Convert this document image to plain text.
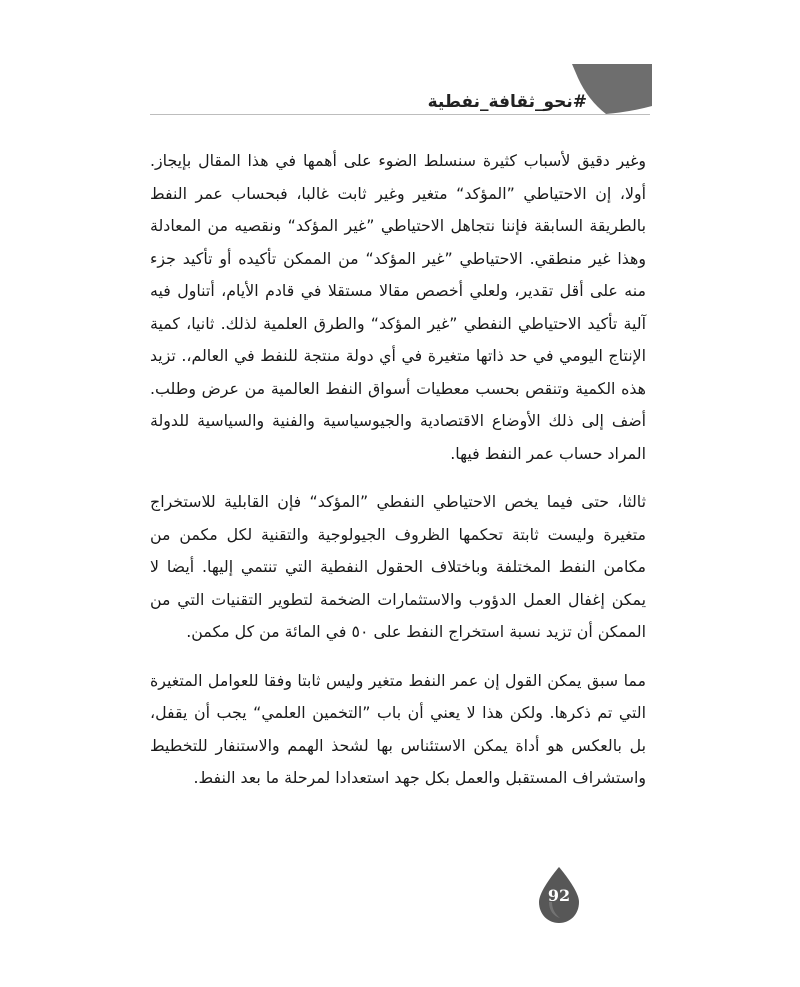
#نحو_ثقافة_نفطية

وغير دقيق لأسباب كثيرة سنسلط الضوء على أهمها في هذا المقال بإيجاز. أولا، إن الاحتياطي ”المؤكد“ متغير وغير ثابت غالبا، فبحساب عمر النفط بالطريقة السابقة فإننا نتجاهل الاحتياطي ”غير المؤكد“ ونقصيه من المعادلة وهذا غير منطقي. الاحتياطي ”غير المؤكد“ من الممكن تأكيده أو تأكيد جزء منه على أقل تقدير، ولعلي أخصص مقالا مستقلا في قادم الأيام، أتناول فيه آلية تأكيد الاحتياطي النفطي ”غير المؤكد“ والطرق العلمية لذلك. ثانيا، كمية الإنتاج اليومي في حد ذاتها متغيرة في أي دولة منتجة للنفط في العالم،. تزيد هذه الكمية وتنقص بحسب معطيات أسواق النفط العالمية من عرض وطلب. أضف إلى ذلك الأوضاع الاقتصادية والجيوسياسية والفنية والسياسية للدولة المراد حساب عمر النفط فيها.

ثالثا، حتى فيما يخص الاحتياطي النفطي ”المؤكد“ فإن القابلية للاستخراج متغيرة وليست ثابتة تحكمها الظروف الجيولوجية والتقنية لكل مكمن من مكامن النفط المختلفة وباختلاف الحقول النفطية التي تنتمي إليها. أيضا لا يمكن إغفال العمل الدؤوب والاستثمارات الضخمة لتطوير التقنيات التي من الممكن أن تزيد نسبة استخراج النفط على ٥٠ في المائة من كل مكمن.

مما سبق يمكن القول إن عمر النفط متغير وليس ثابتا وفقا للعوامل المتغيرة التي تم ذكرها. ولكن هذا لا يعني أن باب ”التخمين العلمي“ يجب أن يقفل، بل بالعكس هو أداة يمكن الاستئناس بها لشحذ الهمم والاستنفار للتخطيط واستشراف المستقبل والعمل بكل جهد استعدادا لمرحلة ما بعد النفط.

92
